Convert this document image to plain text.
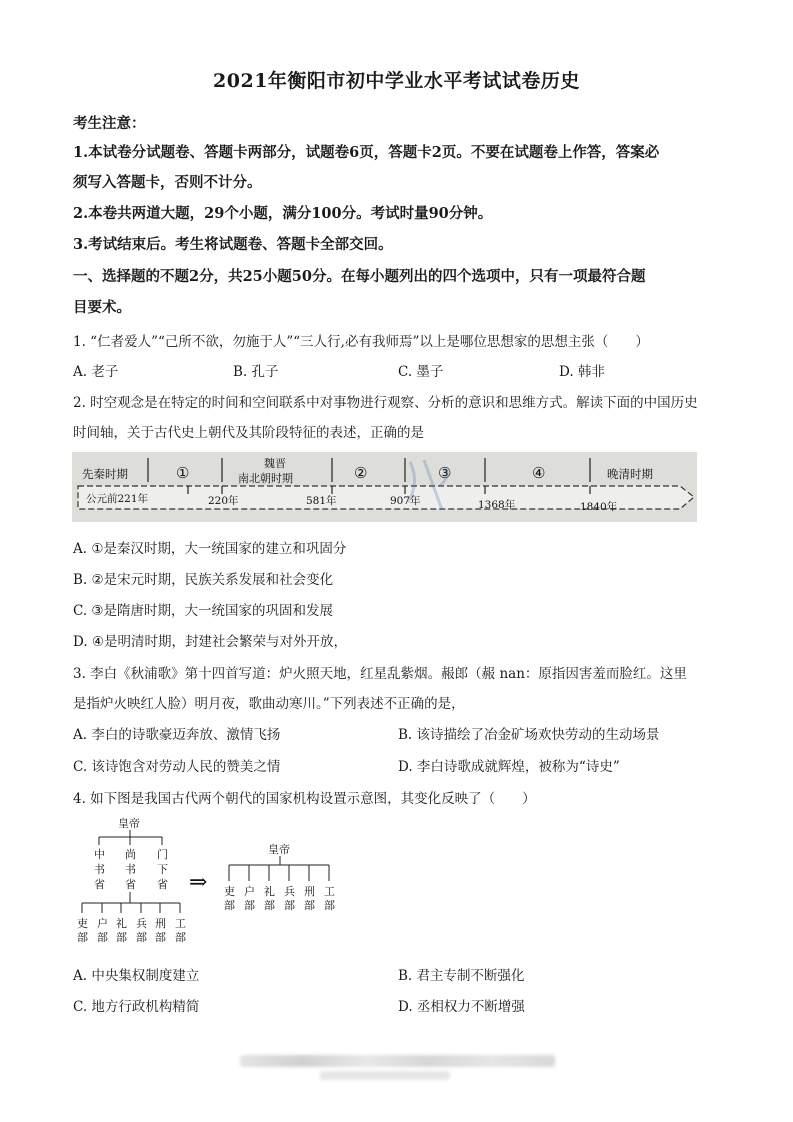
2021年衡阳市初中学业水平考试试卷历史
考生注意：
1.本试卷分试题卷、答题卡两部分，试题卷6页，答题卡2页。不要在试题卷上作答，答案必
须写入答题卡，否则不计分。
2.本卷共两道大题，29个小题，满分100分。考试时量90分钟。
3.考试结束后。考生将试题卷、答题卡全部交回。
一、选择题的不题2分，共25小题50分。在每小题列出的四个选项中，只有一项最符合题
目要术。
1. “仁者爱人”“己所不欲，勿施于人”“三人行,必有我师焉”以上是哪位思想家的思想主张（　　）
A. 老子	B. 孔子	C. 墨子	D. 韩非
2. 时空观念是在特定的时间和空间联系中对事物进行观察、分析的意识和思维方式。解读下面的中国历史
时间轴，关于古代史上朝代及其阶段特征的表述，正确的是
先秦时期	①
魏晋
南北朝时期	②	③	④	晚清时期
公元前221年	220年	581年	907年	1368年	1840年
A. ①是秦汉时期，大一统国家的建立和巩固分
B. ②是宋元时期，民族关系发展和社会变化
C. ③是隋唐时期，大一统国家的巩固和发展
D. ④是明清时期，封建社会繁荣与对外开放，
3. 李白《秋浦歌》第十四首写道：炉火照天地，红星乱紫烟。赧郎（赧 nan：原指因害羞而脸红。这里
是指炉火映红人脸）明月夜，歌曲动寒川。”下列表述不正确的是，
A. 李白的诗歌豪迈奔放、激情飞扬	B. 该诗描绘了冶金矿场欢快劳动的生动场景
C. 该诗饱含对劳动人民的赞美之情	D. 李白诗歌成就辉煌，被称为“诗史”
4. 如下图是我国古代两个朝代的国家机构设置示意图，其变化反映了（　　）
皇帝
中
书
省
尚
书
省
门
下
省
吏
部
户
部
礼
部
兵
部
刑
部
工
部
⇒
皇帝
吏
部
户
部
礼
部
兵
部
刑
部
工
部
A. 中央集权制度建立	B. 君主专制不断强化
C. 地方行政机构精简	D. 丞相权力不断增强
